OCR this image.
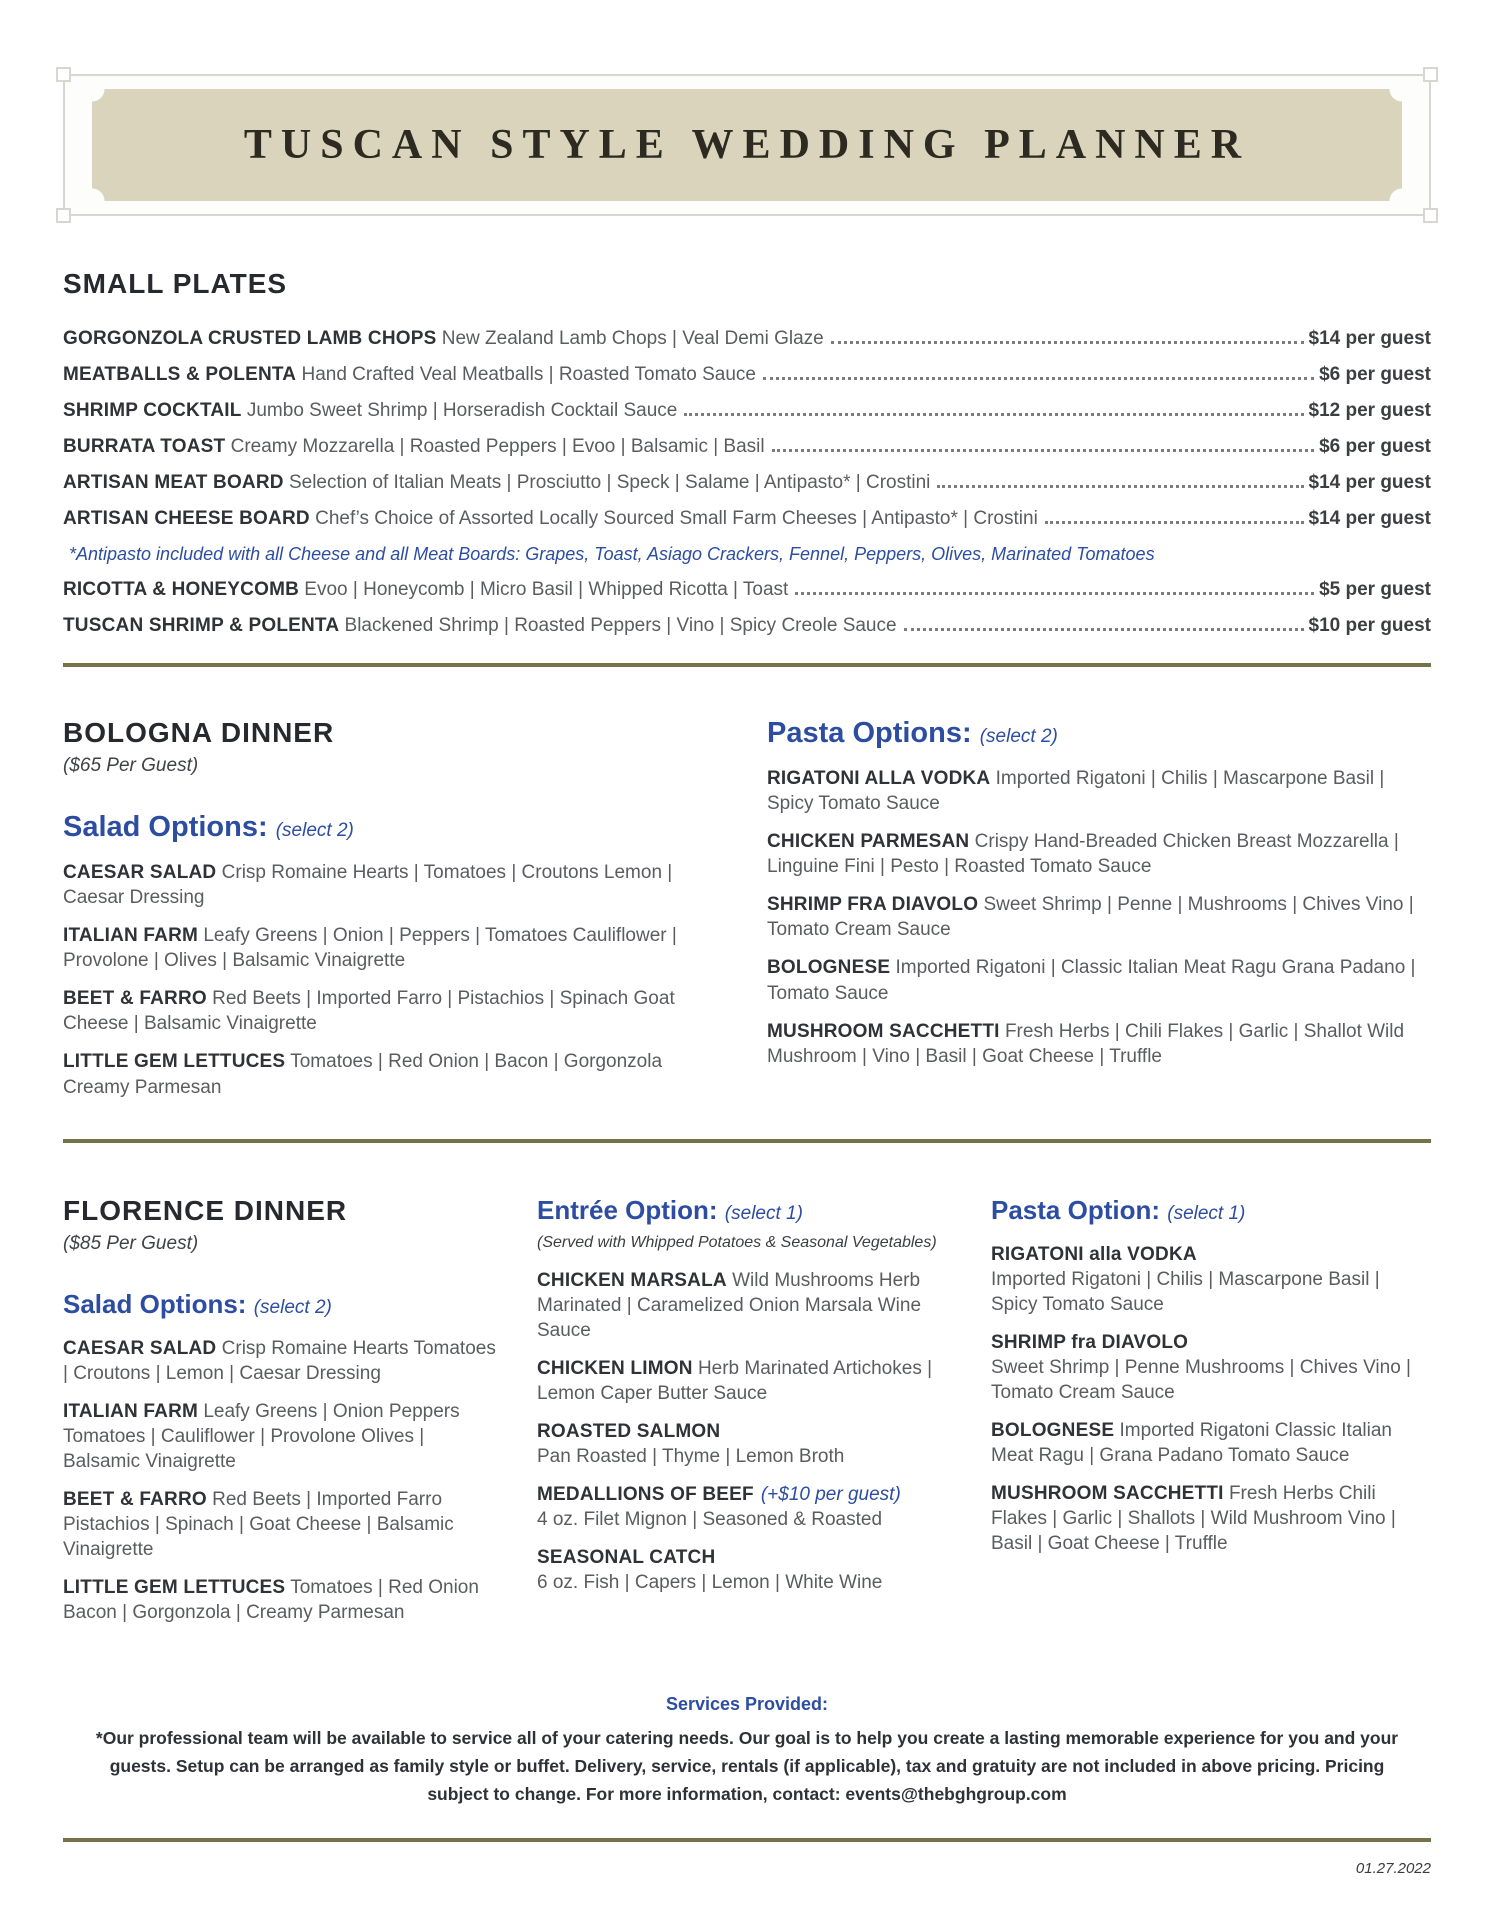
TUSCAN STYLE WEDDING PLANNER
SMALL PLATES
GORGONZOLA CRUSTED LAMB CHOPS New Zealand Lamb Chops | Veal Demi Glaze	$14 per guest
MEATBALLS & POLENTA Hand Crafted Veal Meatballs | Roasted Tomato Sauce	$6 per guest
SHRIMP COCKTAIL Jumbo Sweet Shrimp | Horseradish Cocktail Sauce	$12 per guest
BURRATA TOAST Creamy Mozzarella | Roasted Peppers | Evoo | Balsamic | Basil	$6 per guest
ARTISAN MEAT BOARD Selection of Italian Meats | Prosciutto | Speck | Salame | Antipasto* | Crostini	$14 per guest
ARTISAN CHEESE BOARD Chef’s Choice of Assorted Locally Sourced Small Farm Cheeses | Antipasto* | Crostini	$14 per guest

*Antipasto included with all Cheese and all Meat Boards: Grapes, Toast, Asiago Crackers, Fennel, Peppers, Olives, Marinated Tomatoes

RICOTTA & HONEYCOMB Evoo | Honeycomb | Micro Basil | Whipped Ricotta | Toast	$5 per guest
TUSCAN SHRIMP & POLENTA Blackened Shrimp | Roasted Peppers | Vino | Spicy Creole Sauce	$10 per guest
BOLOGNA DINNER

($65 Per Guest)

Salad Options: (select 2)

CAESAR SALAD Crisp Romaine Hearts | Tomatoes | Croutons Lemon | Caesar Dressing

ITALIAN FARM Leafy Greens | Onion | Peppers | Tomatoes Cauliflower | Provolone | Olives | Balsamic Vinaigrette

BEET & FARRO Red Beets | Imported Farro | Pistachios | Spinach Goat Cheese | Balsamic Vinaigrette

LITTLE GEM LETTUCES Tomatoes | Red Onion | Bacon | Gorgonzola Creamy Parmesan

Pasta Options: (select 2)

RIGATONI ALLA VODKA Imported Rigatoni | Chilis | Mascarpone Basil | Spicy Tomato Sauce

CHICKEN PARMESAN Crispy Hand-Breaded Chicken Breast Mozzarella | Linguine Fini | Pesto | Roasted Tomato Sauce

SHRIMP FRA DIAVOLO Sweet Shrimp | Penne | Mushrooms | Chives Vino | Tomato Cream Sauce

BOLOGNESE Imported Rigatoni | Classic Italian Meat Ragu Grana Padano | Tomato Sauce

MUSHROOM SACCHETTI Fresh Herbs | Chili Flakes | Garlic | Shallot Wild Mushroom | Vino | Basil | Goat Cheese | Truffle

FLORENCE DINNER

($85 Per Guest)

Salad Options: (select 2)

CAESAR SALAD Crisp Romaine Hearts Tomatoes | Croutons | Lemon | Caesar Dressing

ITALIAN FARM Leafy Greens | Onion Peppers Tomatoes | Cauliflower | Provolone Olives | Balsamic Vinaigrette

BEET & FARRO Red Beets | Imported Farro Pistachios | Spinach | Goat Cheese | Balsamic Vinaigrette

LITTLE GEM LETTUCES Tomatoes | Red Onion Bacon | Gorgonzola | Creamy Parmesan

Entrée Option: (select 1)

(Served with Whipped Potatoes & Seasonal Vegetables)

CHICKEN MARSALA Wild Mushrooms Herb Marinated | Caramelized Onion Marsala Wine Sauce

CHICKEN LIMON Herb Marinated Artichokes | Lemon Caper Butter Sauce

ROASTED SALMON
Pan Roasted | Thyme | Lemon Broth

MEDALLIONS OF BEEF (+$10 per guest)
4 oz. Filet Mignon | Seasoned & Roasted

SEASONAL CATCH
6 oz. Fish | Capers | Lemon | White Wine

Pasta Option: (select 1)

RIGATONI alla VODKA
Imported Rigatoni | Chilis | Mascarpone Basil | Spicy Tomato Sauce

SHRIMP fra DIAVOLO
Sweet Shrimp | Penne Mushrooms | Chives Vino | Tomato Cream Sauce

BOLOGNESE Imported Rigatoni Classic Italian Meat Ragu | Grana Padano Tomato Sauce

MUSHROOM SACCHETTI Fresh Herbs Chili Flakes | Garlic | Shallots | Wild Mushroom Vino | Basil | Goat Cheese | Truffle

Services Provided:

*Our professional team will be available to service all of your catering needs. Our goal is to help you create a lasting memorable experience for you and your guests. Setup can be arranged as family style or buffet. Delivery, service, rentals (if applicable), tax and gratuity are not included in above pricing. Pricing subject to change. For more information, contact: events@thebghgroup.com

01.27.2022
